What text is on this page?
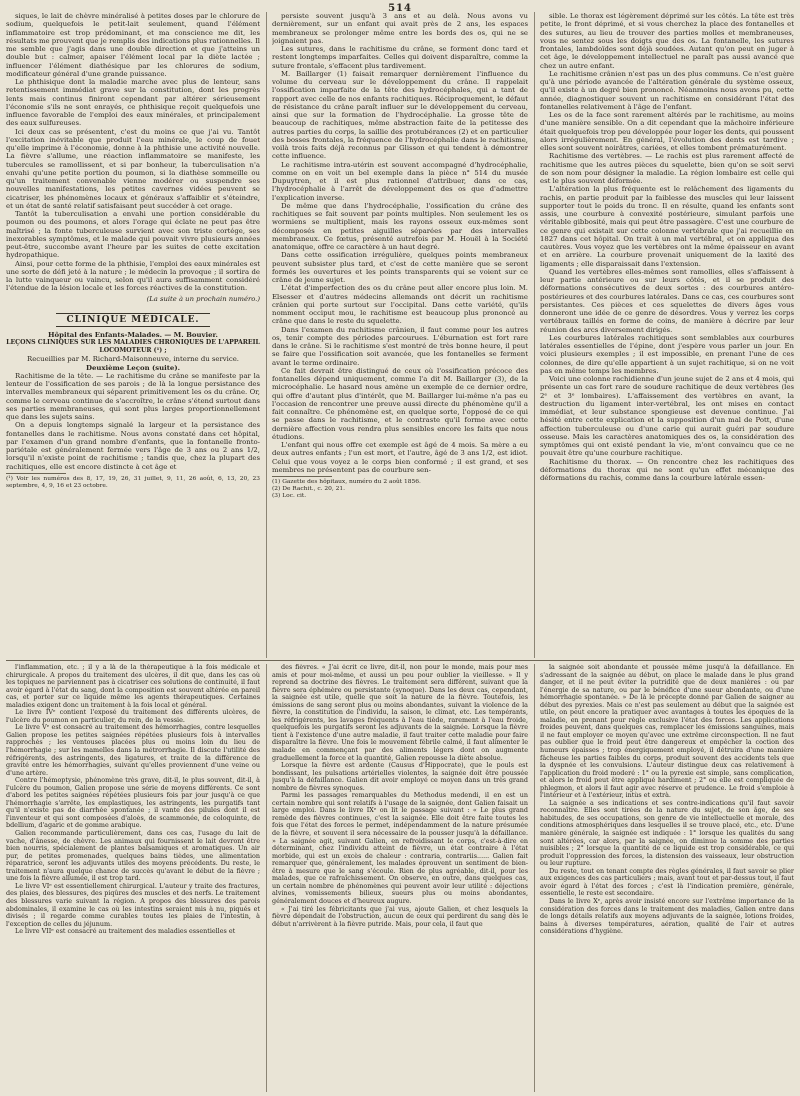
514

siques, le lait de chèvre minéralisé à petites doses par le chlorure de sodium, quelquefois le petit-lait seulement, quand l'élément inflammatoire est trop prédominant, et ma conscience me dit, les résultats me prouvent que je remplis des indications plus rationnelles. Il me semble que j'agis dans une double direction et que j'atteins un double but : calmer, apaiser l'élément local par la diète lactée ; influencer l'élément diathésique par les chlorures de sodium, modificateur général d'une grande puissance.

Le phthisique dont la maladie marche avec plus de lenteur, sans retentissement immédiat grave sur la constitution, dont les progrès lents mais continus finiront cependant par altérer sérieusement l'économie s'ils ne sont enrayés, ce phthisique reçoit quelquefois une influence favorable de l'emploi des eaux minérales, et principalement des eaux sulfureuses.

Ici deux cas se présentent, c'est du moins ce que j'ai vu. Tantôt l'excitation inévitable que produit l'eau minérale, le coup de fouet qu'elle imprime à l'économie, donne à la phthisie une activité nouvelle. La fièvre s'allume, une réaction inflammatoire se manifeste, les tubercules se ramollissent, et si par bonheur, la tuberculisation n'a envahi qu'une petite portion du poumon, si la diathèse sommeille ou qu'un traitement convenable vienne modérer ou suspendre ses nouvelles manifestations, les petites cavernes vidées peuvent se cicatriser, les phénomènes locaux et généraux s'affaiblir et s'éteindre, et un état de santé relatif satisfaisant peut succéder à cet orage.

Tantôt la tuberculisation a envahi une portion considérable du poumon ou des poumons, et alors l'orage qui éclate ne peut pas être maîtrisé ; la fonte tuberculeuse survient avec son triste cortége, ses inexorables symptômes, et le malade qui pouvait vivre plusieurs années peut-être, succombe avant l'heure par les suites de cette excitation hydropathique.

Ainsi, pour cette forme de la phthisie, l'emploi des eaux minérales est une sorte de défi jeté à la nature ; le médecin la provoque ; il sortira de la lutte vainqueur ou vaincu, selon qu'il aura suffisamment considéré l'étendue de la lésion locale et les forces réactives de la constitution.

(La suite à un prochain numéro.)
CLINIQUE MÉDICALE.

Hôpital des Enfants-Malades. — M. Bouvier.

LEÇONS CLINIQUES SUR LES MALADIES CHRONIQUES DE L'APPAREIL

LOCOMOTEUR (¹) ;

Recueillies par M. Richard-Maisonneuve, interne du service.

Deuxième Leçon (suite).

Rachitisme de la tête. — Le rachitisme du crâne se manifeste par la lenteur de l'ossification de ses parois ; de là la longue persistance des intervalles membraneux qui séparent primitivement les os du crâne. Or, comme le cerveau continue de s'accroître, le crâne s'étend surtout dans ses parties membraneuses, qui sont plus larges proportionnellement que dans les sujets sains.

On a depuis longtemps signalé la largeur et la persistance des fontanelles dans le rachitisme. Nous avons constaté dans cet hôpital, par l'examen d'un grand nombre d'enfants, que la fontanelle fronto-pariétale est généralement fermée vers l'âge de 3 ans ou 2 ans 1/2, lorsqu'il n'existe point de rachitisme ; tandis que, chez la plupart des rachitiques, elle est encore distincte à cet âge et

(¹) Voir les numéros des 8, 17, 19, 26, 31 juillet, 9, 11, 26 août, 6, 13, 20, 23 septembre, 4, 9, 16 et 23 octobre.

persiste souvent jusqu'à 3 ans et au delà. Nous avons vu dernièrement, sur un enfant qui avait près de 2 ans, les espaces membraneux se prolonger même entre les bords des os, qui ne se joignaient pas.

Les sutures, dans le rachitisme du crâne, se forment donc tard et restent longtemps imparfaites. Celles qui doivent disparaître, comme la suture frontale, s'effacent plus tardivement.

M. Baillarger (1) faisait remarquer dernièrement l'influence du volume du cerveau sur le développement du crâne. Il rappelait l'ossification imparfaite de la tête des hydrocéphales, qui a tant de rapport avec celle de nos enfants rachitiques. Réciproquement, le défaut de résistance du crâne paraît influer sur le développement du cerveau, ainsi que sur la formation de l'hydrocéphalie. La grosse tête de beaucoup de rachitiques, même abstraction faite de la petitesse des autres parties du corps, la saillie des protubérances (2) et en particulier des bosses frontales, la fréquence de l'hydrocéphalie dans le rachitisme, voilà trois faits déjà reconnus par Glisson et qui tendent à démontrer cette influence.

Le rachitisme intra-utérin est souvent accompagné d'hydrocéphalie, comme on en voit un bel exemple dans la pièce n° 514 du musée Dupuytren, et il est plus rationnel d'attribuer, dans ce cas, l'hydrocéphalie à l'arrêt de développement des os que d'admettre l'explication inverse.

De même que dans l'hydrocéphalie, l'ossification du crâne des rachitiques se fait souvent par points multiples. Non seulement les os wormiens se multiplient, mais les rayons osseux eux-mêmes sont décomposés en petites aiguilles séparées par des intervalles membraneux. Ce fœtus, présenté autrefois par M. Houël à la Société anatomique, offre ce caractère à un haut degré.

Dans cette ossification irrégulière, quelques points membraneux peuvent subsister plus tard, et c'est de cette manière que se seront formés les ouvertures et les points transparents qui se voient sur ce crâne de jeune sujet.

L'état d'imperfection des os du crâne peut aller encore plus loin. M. Elsesser et d'autres médecins allemands ont décrit un rachitisme crânien qui porte surtout sur l'occipital. Dans cette variété, qu'ils nomment occiput mou, le rachitisme est beaucoup plus prononcé au crâne que dans le reste du squelette.

Dans l'examen du rachitisme crânien, il faut comme pour les autres os, tenir compte des périodes parcourues. L'éburnation est fort rare dans le crâne. Si le rachitisme s'est montré de très bonne heure, il peut se faire que l'ossification soit avancée, que les fontanelles se ferment avant le terme ordinaire.

Ce fait devrait être distingué de ceux où l'ossification précoce des fontanelles dépend uniquement, comme l'a dit M. Baillarger (3), de la microcéphalie. Le hasard nous amène un exemple de ce dernier ordre, qui offre d'autant plus d'intérêt, que M. Baillarger lui-même n'a pas eu l'occasion de rencontrer une preuve aussi directe du phénomène qu'il a fait connaître. Ce phénomène est, en quelque sorte, l'opposé de ce qui se passe dans le rachitisme, et le contraste qu'il forme avec cette dernière affection vous rendra plus sensibles encore les faits que nous étudions.

L'enfant qui nous offre cet exemple est âgé de 4 mois. Sa mère a eu deux autres enfants ; l'un est mort, et l'autre, âgé de 3 ans 1/2, est idiot. Celui que vous voyez a le corps bien conformé ; il est grand, et ses membres ne présentent pas de courbure sen-

(1) Gazette des hôpitaux, numéro du 2 août 1856.

(2) De Rachit., c. 20, 21.

(3) Loc. cit.

sible. Le thorax est légèrement déprimé sur les côtés. La tête est très petite, le front déprimé, et si vous cherchez la place des fontanelles et des sutures, au lieu de trouver des parties molles et membraneuses, vous ne sentez sous les doigts que des os. La fontanelle, les sutures frontales, lambdoïdes sont déjà soudées. Autant qu'on peut en juger à cet âge, le développement intellectuel ne paraît pas aussi avancé que chez un autre enfant.

Le rachitisme crânien n'est pas un des plus communs. Ce n'est guère qu'à une période avancée de l'altération générale du système osseux, qu'il existe à un degré bien prononcé. Néanmoins nous avons pu, cette année, diagnostiquer souvent un rachitisme en considérant l'état des fontanelles relativement à l'âge de l'enfant.

Les os de la face sont rarement altérés par le rachitisme, au moins d'une manière sensible. On a dit cependant que la mâchoire inférieure était quelquefois trop peu développée pour loger les dents, qui poussent alors irrégulièrement. En général, l'évolution des dents est tardive ; elles sont souvent noirâtres, cariées, et elles tombent prématurément.

Rachitisme des vertèbres. — Le rachis est plus rarement affecté de rachitisme que les autres pièces du squelette, bien qu'on se soit servi de son nom pour désigner la maladie. La région lombaire est celle qui est le plus souvent déformée.

L'altération la plus fréquente est le relâchement des ligaments du rachis, en partie produit par la faiblesse des muscles qui leur laissent supporter tout le poids du tronc. Il en résulte, quand les enfants sont assis, une courbure à convexité postérieure, simulant parfois une véritable gibbosité, mais qui peut être passagère. C'est une courbure de ce genre qui existait sur cette colonne vertébrale que j'ai recueillie en 1827 dans cet hôpital. On trait à un mal vertébral, et on appliqua des cautères. Vous voyez que les vertèbres ont la même épaisseur en avant et en arrière. La courbure provenait uniquement de la laxité des ligaments ; elle disparaissait dans l'extension.

Quand les vertèbres elles-mêmes sont ramollies, elles s'affaissent à leur partie antérieure ou sur leurs côtés, et il se produit des déformations consécutives de deux sortes : des courbures antéro-postérieures et des courbures latérales. Dans ce cas, ces courbures sont persistantes. Ces pièces et ces squelettes de divers âges vous donneront une idée de ce genre de désordres. Vous y verrez les corps vertébraux taillés en forme de coins, de manière à décrire par leur réunion des arcs diversement dirigés.

Les courbures latérales rachitiques sont semblables aux courbures latérales essentielles de l'épine, dont j'espère vous parler un jour. En voici plusieurs exemples ; il est impossible, en prenant l'une de ces colonnes, de dire qu'elle appartient à un sujet rachitique, si on ne voit pas en même temps les membres.

Voici une colonne rachidienne d'un jeune sujet de 2 ans et 4 mois, qui présente un cas fort rare de soudure rachitique de deux vertèbres (les 2ᵉ et 3ᵉ lombaires). L'affaissement des vertèbres en avant, la destruction du ligament inter-vertébral, les ont mises en contact immédiat, et leur substance spongieuse est devenue continue. J'ai hésité entre cette explication et la supposition d'un mal de Pott, d'une affection tuberculeuse ou d'une carie qui aurait guéri par soudure osseuse. Mais les caractères anatomiques des os, la considération des symptômes qui ont existé pendant la vie, m'ont convaincu que ce ne pouvait être qu'une courbure rachitique.

Rachitisme du thorax. — On rencontre chez les rachitiques des déformations du thorax qui ne sont qu'un effet mécanique des déformations du rachis, comme dans la courbure latérale essen-

l'inflammation, etc. ; il y a là de la thérapeutique à la fois médicale et chirurgicale. A propos du traitement des ulcères, il dit que, dans les cas où les topiques ne parviennent pas à cicatriser ces solutions de continuité, il faut avoir égard à l'état du sang, dont la composition est souvent altérée en pareil cas, et porter sur ce liquide même les agents thérapeutiques. Certaines maladies exigent donc un traitement à la fois local et général.

Le livre IVᵉ contient l'exposé du traitement des différents ulcères, de l'ulcère du poumon en particulier, du rein, de la vessie.

Le livre Vᵉ est consacré au traitement des hémorrhagies, contre lesquelles Galien propose les petites saignées répétées plusieurs fois à intervalles rapprochés ; les ventouses placées plus ou moins loin du lieu de l'hémorrhagie ; sur les mamelles dans la métrorrhagie. Il discute l'utilité des réfrigérents, des astringents, des ligatures, et traite de la différence de gravité entre les hémorrhagies, suivant qu'elles proviennent d'une veine ou d'une artère.

Contre l'hémoptysie, phénomène très grave, dit-il, le plus souvent, dit-il, à l'ulcère du poumon, Galien propose une série de moyens différents. Ce sont d'abord les petites saignées répétées plusieurs fois par jour jusqu'à ce que l'hémorrhagie s'arrête, les emplastiques, les astringents, les purgatifs tant qu'il n'existe pas de diarrhée spontanée ; il vante des pilules dont il est l'inventeur et qui sont composées d'aloès, de scammonée, de coloquinte, de bdellium, d'agaric et de gomme arabique.

Galien recommande particulièrement, dans ces cas, l'usage du lait de vache, d'ânesse, de chèvre. Les animaux qui fournissent le lait devront être bien nourris, spécialement de plantes balsamiques et aromatiques. Un air pur, de petites promenades, quelques bains tièdes, une alimentation réparatrice, seront les adjuvants utiles des moyens précédents. Du reste, le traitement n'aura quelque chance de succès qu'avant le début de la fièvre ; une fois la fièvre allumée, il est trop tard.

Le livre VIᵉ est essentiellement chirurgical. L'auteur y traite des fractures, des plaies, des blessures, des piqûres des muscles et des nerfs. Le traitement des blessures varie suivant la région. A propos des blessures des parois abdominales, il examine le cas où les intestins seraient mis à nu, piqués et divisés ; il regarde comme curables toutes les plaies de l'intestin, à l'exception de celles du jéjunum.

Le livre VIIᵉ est consacré au traitement des maladies essentielles et

des fièvres. « J'ai écrit ce livre, dit-il, non pour le monde, mais pour mes amis et pour moi-même, et aussi un peu pour oublier la vieillesse. » Il y reprend sa doctrine des fièvres. Le traitement sera différent, suivant que la fièvre sera éphémère ou persistante (synoque). Dans les deux cas, cependant, la saignée est utile, quelle que soit la nature de la fièvre. Toutefois, les émissions de sang seront plus ou moins abondantes, suivant la violence de la fièvre, la constitution de l'individu, la saison, le climat, etc. Les tempérants, les réfrigérents, les lavages fréquents à l'eau tiède, rarement à l'eau froide, quelquefois les purgatifs seront les adjuvants de la saignée. Lorsque la fièvre tient à l'existence d'une autre maladie, il faut traiter cette maladie pour faire disparaître la fièvre. Une fois le mouvement fébrile calmé, il faut alimenter le malade en commençant par des aliments légers dont on augmente graduellement la force et la quantité, Galien repousse la diète absolue.

Lorsque la fièvre est ardente (Causus d'Hippocrate), que le pouls est bondissant, les pulsations artérielles violentes, la saignée doit être poussée jusqu'à la défaillance. Galien dit avoir employé ce moyen dans un très grand nombre de fièvres synoques.

Parmi les passages remarquables du Methodus medendi, il en est un certain nombre qui sont relatifs à l'usage de la saignée, dont Galien faisait un large emploi. Dans le livre IXᵉ on lit le passage suivant : « Le plus grand remède des fièvres continues, c'est la saignée. Elle doit être faite toutes les fois que l'état des forces le permet, indépendamment de la nature présumée de la fièvre, et souvent il sera nécessaire de la pousser jusqu'à la défaillance. » La saignée agit, suivant Galien, en refroidissant le corps, c'est-à-dire en déterminant, chez l'individu atteint de fièvre, un état contraire à l'état morbide, qui est un excès de chaleur : contraria, contrariis...... Galien fait remarquer que, généralement, les malades éprouvent un sentiment de bien-être à mesure que le sang s'écoule. Rien de plus agréable, dit-il, pour les malades, que ce rafraîchissement. On observe, en outre, dans quelques cas, un certain nombre de phénomènes qui peuvent avoir leur utilité : déjections alvines, vomissements bilieux, sueurs plus ou moins abondantes, généralement douces et d'heureux augure.

« J'ai tiré les fébricitants que j'ai vus, ajoute Galien, et chez lesquels la fièvre dépendait de l'obstruction, aucun de ceux qui perdirent du sang dès le début n'arrivèrent à la fièvre putride. Mais, pour cela, il faut que

la saignée soit abondante et poussée même jusqu'à la défaillance. En s'adressant de la saignée au début, on place le malade dans le plus grand danger, et il ne peut éviter la putridité que de deux manières : ou par l'énergie de sa nature, ou par le bénéfice d'une sueur abondante, ou d'une hémorrhagie spontanée. » De là le précepte donné par Galien de saigner au début des pyrexies. Mais ce n'est pas seulement au début que la saignée est utile, on peut encore la pratiquer avec avantages à toutes les époques de la maladie, en prenant pour règle exclusive l'état des forces. Les applications froides peuvent, dans quelques cas, remplacer les émissions sanguines, mais il ne faut employer ce moyen qu'avec une extrême circonspection. Il ne faut pas oublier que le froid peut être dangereux et empêcher la coction des humeurs épaisses ; trop énergiquement employé, il détruira d'une manière fâcheuse les parties faibles du corps, produit souvent des accidents tels que la dyspnée et les convulsions. L'auteur distingue deux cas relativement à l'application du froid moderé : 1° ou la pyrexie est simple, sans complication, et alors le froid peut être appliqué hardiment ; 2° ou elle est compliquée de phlegmon, et alors il faut agir avec réserve et prudence. Le froid s'emploie à l'intérieur et à l'extérieur, intùs et extrà.

La saignée a ses indications et ses contre-indications qu'il faut savoir reconnaître. Elles sont tirées de la nature du sujet, de son âge, de ses habitudes, de ses occupations, son genre de vie intellectuelle et morale, des conditions atmosphériques dans lesquelles il se trouve placé, etc., etc. D'une manière générale, la saignée est indiquée : 1° lorsque les qualités du sang sont altérées, car alors, par la saignée, on diminue la somme des parties nuisibles ; 2° lorsque la quantité de ce liquide est trop considérable, ce qui produit l'oppression des forces, la distension des vaisseaux, leur obstruction ou leur rupture.

Du reste, tout en tenant compte des règles générales, il faut savoir se plier aux exigences des cas particuliers ; mais, avant tout et par-dessus tout, il faut avoir égard à l'état des forces ; c'est là l'indication première, générale, essentielle, le reste est secondaire.

Dans le livre Xᵉ, après avoir insisté encore sur l'extrême importance de la considération des forces dans le traitement des maladies, Galien entre dans de longs détails relatifs aux moyens adjuvants de la saignée, lotions froides, bains à diverses températures, aération, qualité de l'air et autres considérations d'hygiène.
